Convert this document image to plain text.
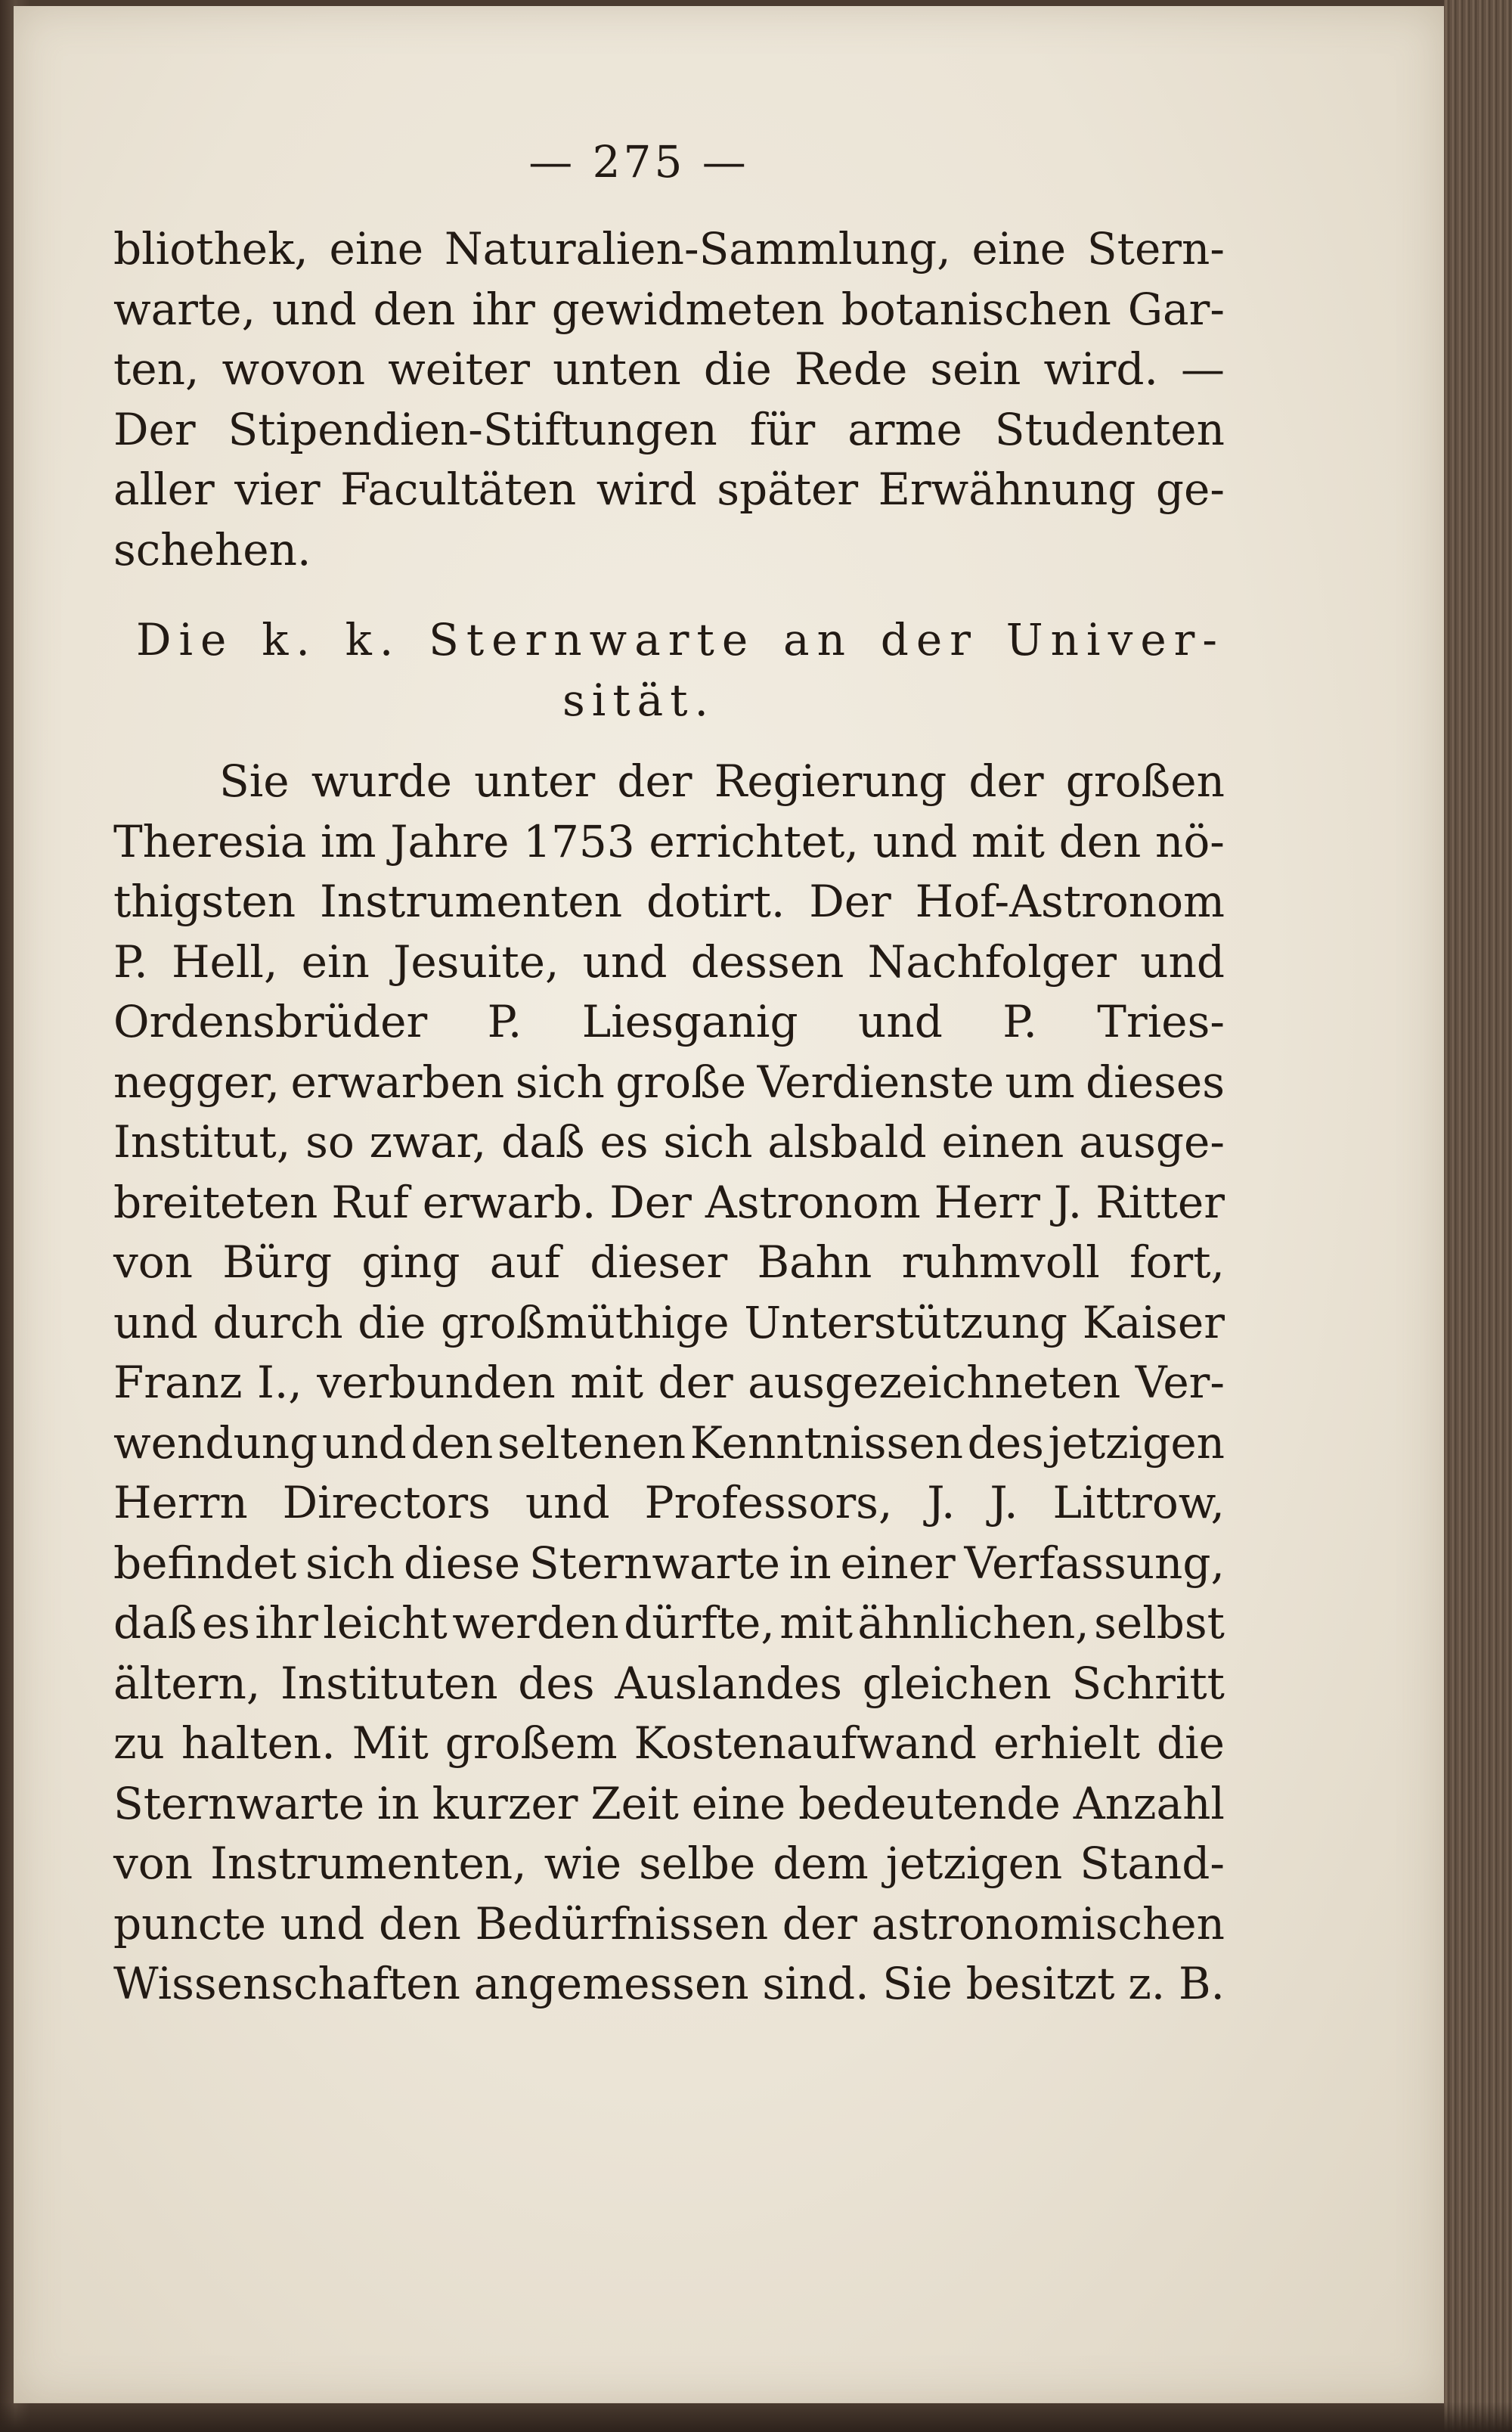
— 275 —
bliothek, eine Naturalien-Sammlung, eine Stern-
warte, und den ihr gewidmeten botanischen Gar-
ten, wovon weiter unten die Rede sein wird. —
Der Stipendien-Stiftungen für arme Studenten
aller vier Facultäten wird später Erwähnung ge-
schehen.
Die k. k. Sternwarte an der Univer-
sität.
Sie wurde unter der Regierung der großen
Theresia im Jahre 1753 errichtet, und mit den nö-
thigsten Instrumenten dotirt. Der Hof-Astronom
P. Hell, ein Jesuite, und dessen Nachfolger und
Ordensbrüder P. Liesganig und P. Tries-
negger, erwarben sich große Verdienste um dieses
Institut, so zwar, daß es sich alsbald einen ausge-
breiteten Ruf erwarb. Der Astronom Herr J. Ritter
von Bürg ging auf dieser Bahn ruhmvoll fort,
und durch die großmüthige Unterstützung Kaiser
Franz I., verbunden mit der ausgezeichneten Ver-
wendung und den seltenen Kenntnissen des jetzigen
Herrn Directors und Professors, J. J. Littrow,
befindet sich diese Sternwarte in einer Verfassung,
daß es ihr leicht werden dürfte, mit ähnlichen, selbst
ältern, Instituten des Auslandes gleichen Schritt
zu halten. Mit großem Kostenaufwand erhielt die
Sternwarte in kurzer Zeit eine bedeutende Anzahl
von Instrumenten, wie selbe dem jetzigen Stand-
puncte und den Bedürfnissen der astronomischen
Wissenschaften angemessen sind. Sie besitzt z. B.
